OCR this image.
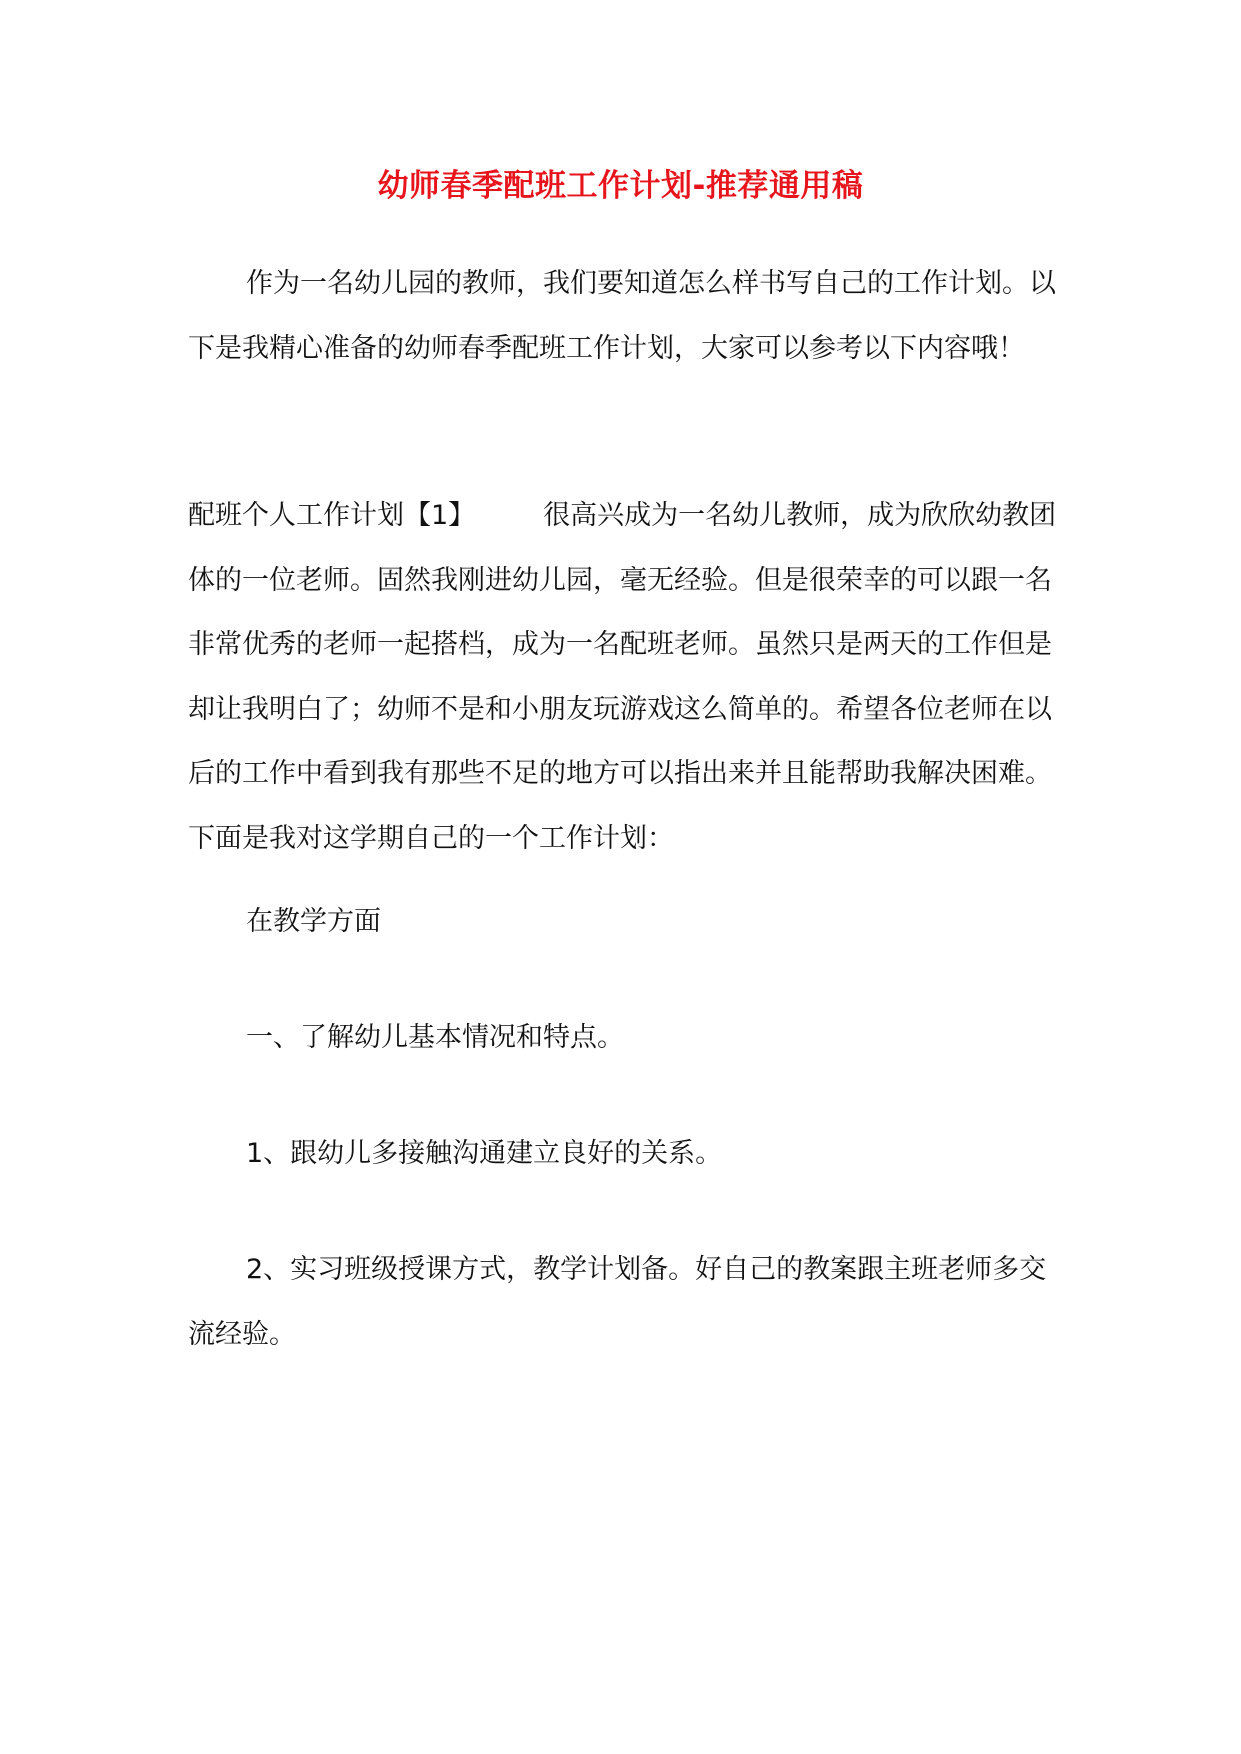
幼师春季配班工作计划-推荐通用稿

作为一名幼儿园的教师，我们要知道怎么样书写自己的工作计划。以下是我精心准备的幼师春季配班工作计划，大家可以参考以下内容哦！

配班个人工作计划【1】	很高兴成为一名幼儿教师，成为欣欣幼教团体的一位老师。固然我刚进幼儿园，毫无经验。但是很荣幸的可以跟一名非常优秀的老师一起搭档，成为一名配班老师。虽然只是两天的工作但是却让我明白了；幼师不是和小朋友玩游戏这么简单的。希望各位老师在以后的工作中看到我有那些不足的地方可以指出来并且能帮助我解决困难。下面是我对这学期自己的一个工作计划：

在教学方面

一、了解幼儿基本情况和特点。

1、跟幼儿多接触沟通建立良好的关系。

2、实习班级授课方式，教学计划备。好自己的教案跟主班老师多交流经验。
